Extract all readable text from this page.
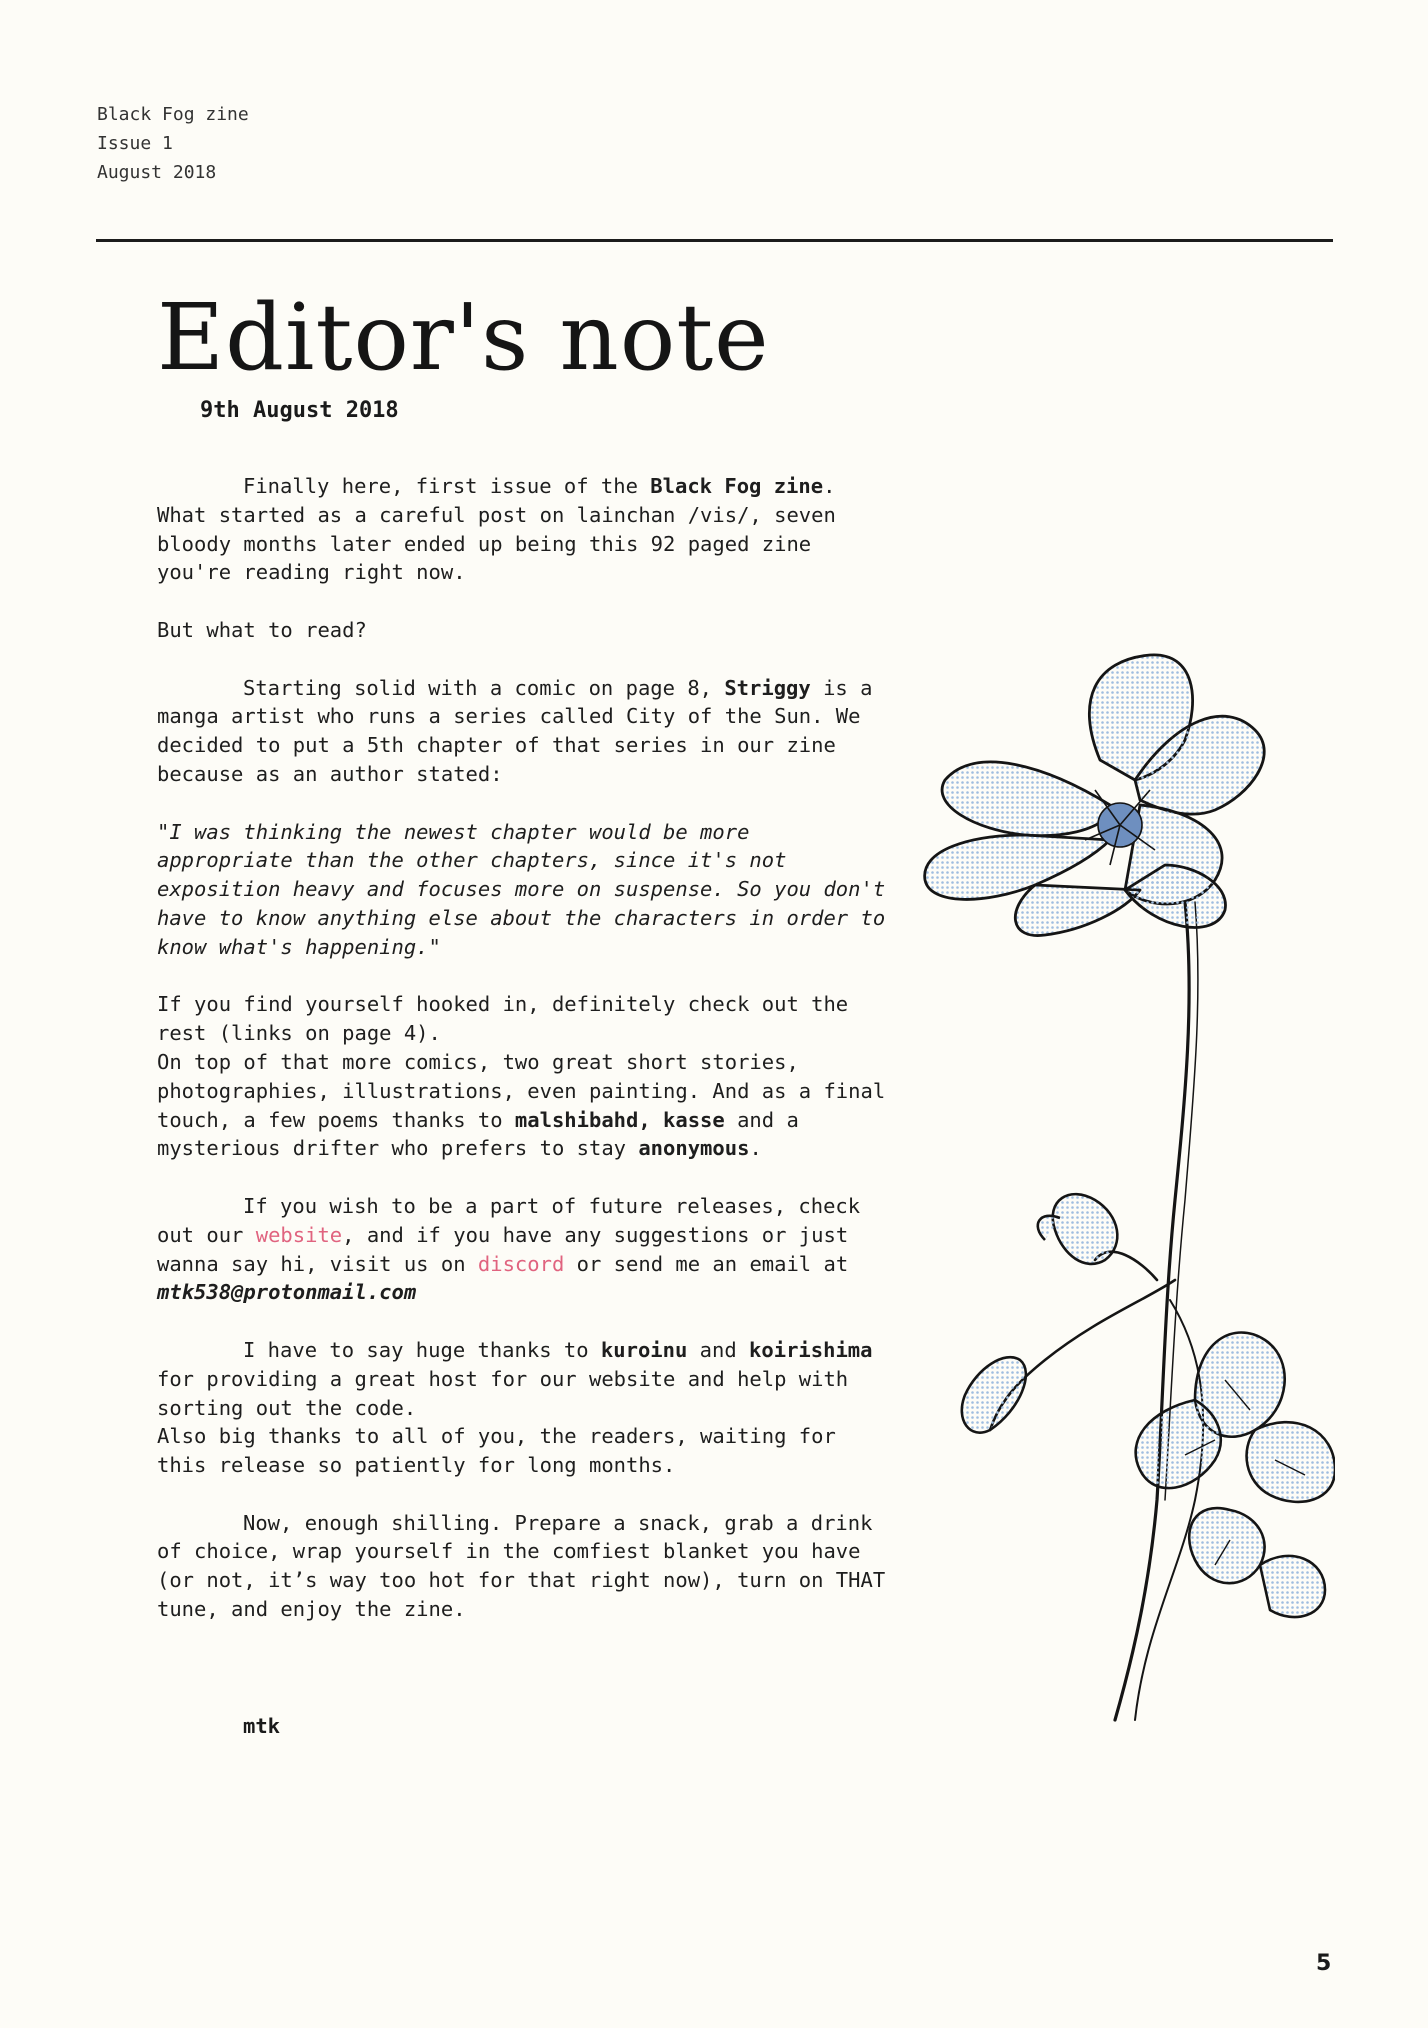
Black Fog zine
Issue 1
August 2018
Editor's note
9th August 2018

Finally here, first issue of the Black Fog zine. What started as a careful post on lainchan /vis/, seven bloody months later ended up being this 92 paged zine you're reading right now.

But what to read?

Starting solid with a comic on page 8, Striggy is a manga artist who runs a series called City of the Sun. We decided to put a 5th chapter of that series in our zine because as an author stated:

"I was thinking the newest chapter would be more appropriate than the other chapters, since it's not exposition heavy and focuses more on suspense. So you don't have to know anything else about the characters in order to know what's happening."

If you find yourself hooked in, definitely check out the rest (links on page 4).
On top of that more comics, two great short stories, photographies, illustrations, even painting. And as a final touch, a few poems thanks to malshibahd, kasse and a mysterious drifter who prefers to stay anonymous.

If you wish to be a part of future releases, check out our website, and if you have any suggestions or just wanna say hi, visit us on discord or send me an email at mtk538@protonmail.com

I have to say huge thanks to kuroinu and koirishima for providing a great host for our website and help with sorting out the code.
Also big thanks to all of you, the readers, waiting for this release so patiently for long months.

Now, enough shilling. Prepare a snack, grab a drink of choice, wrap yourself in the comfiest blanket you have (or not, it’s way too hot for that right now), turn on THAT tune, and enjoy the zine.

mtk
5
